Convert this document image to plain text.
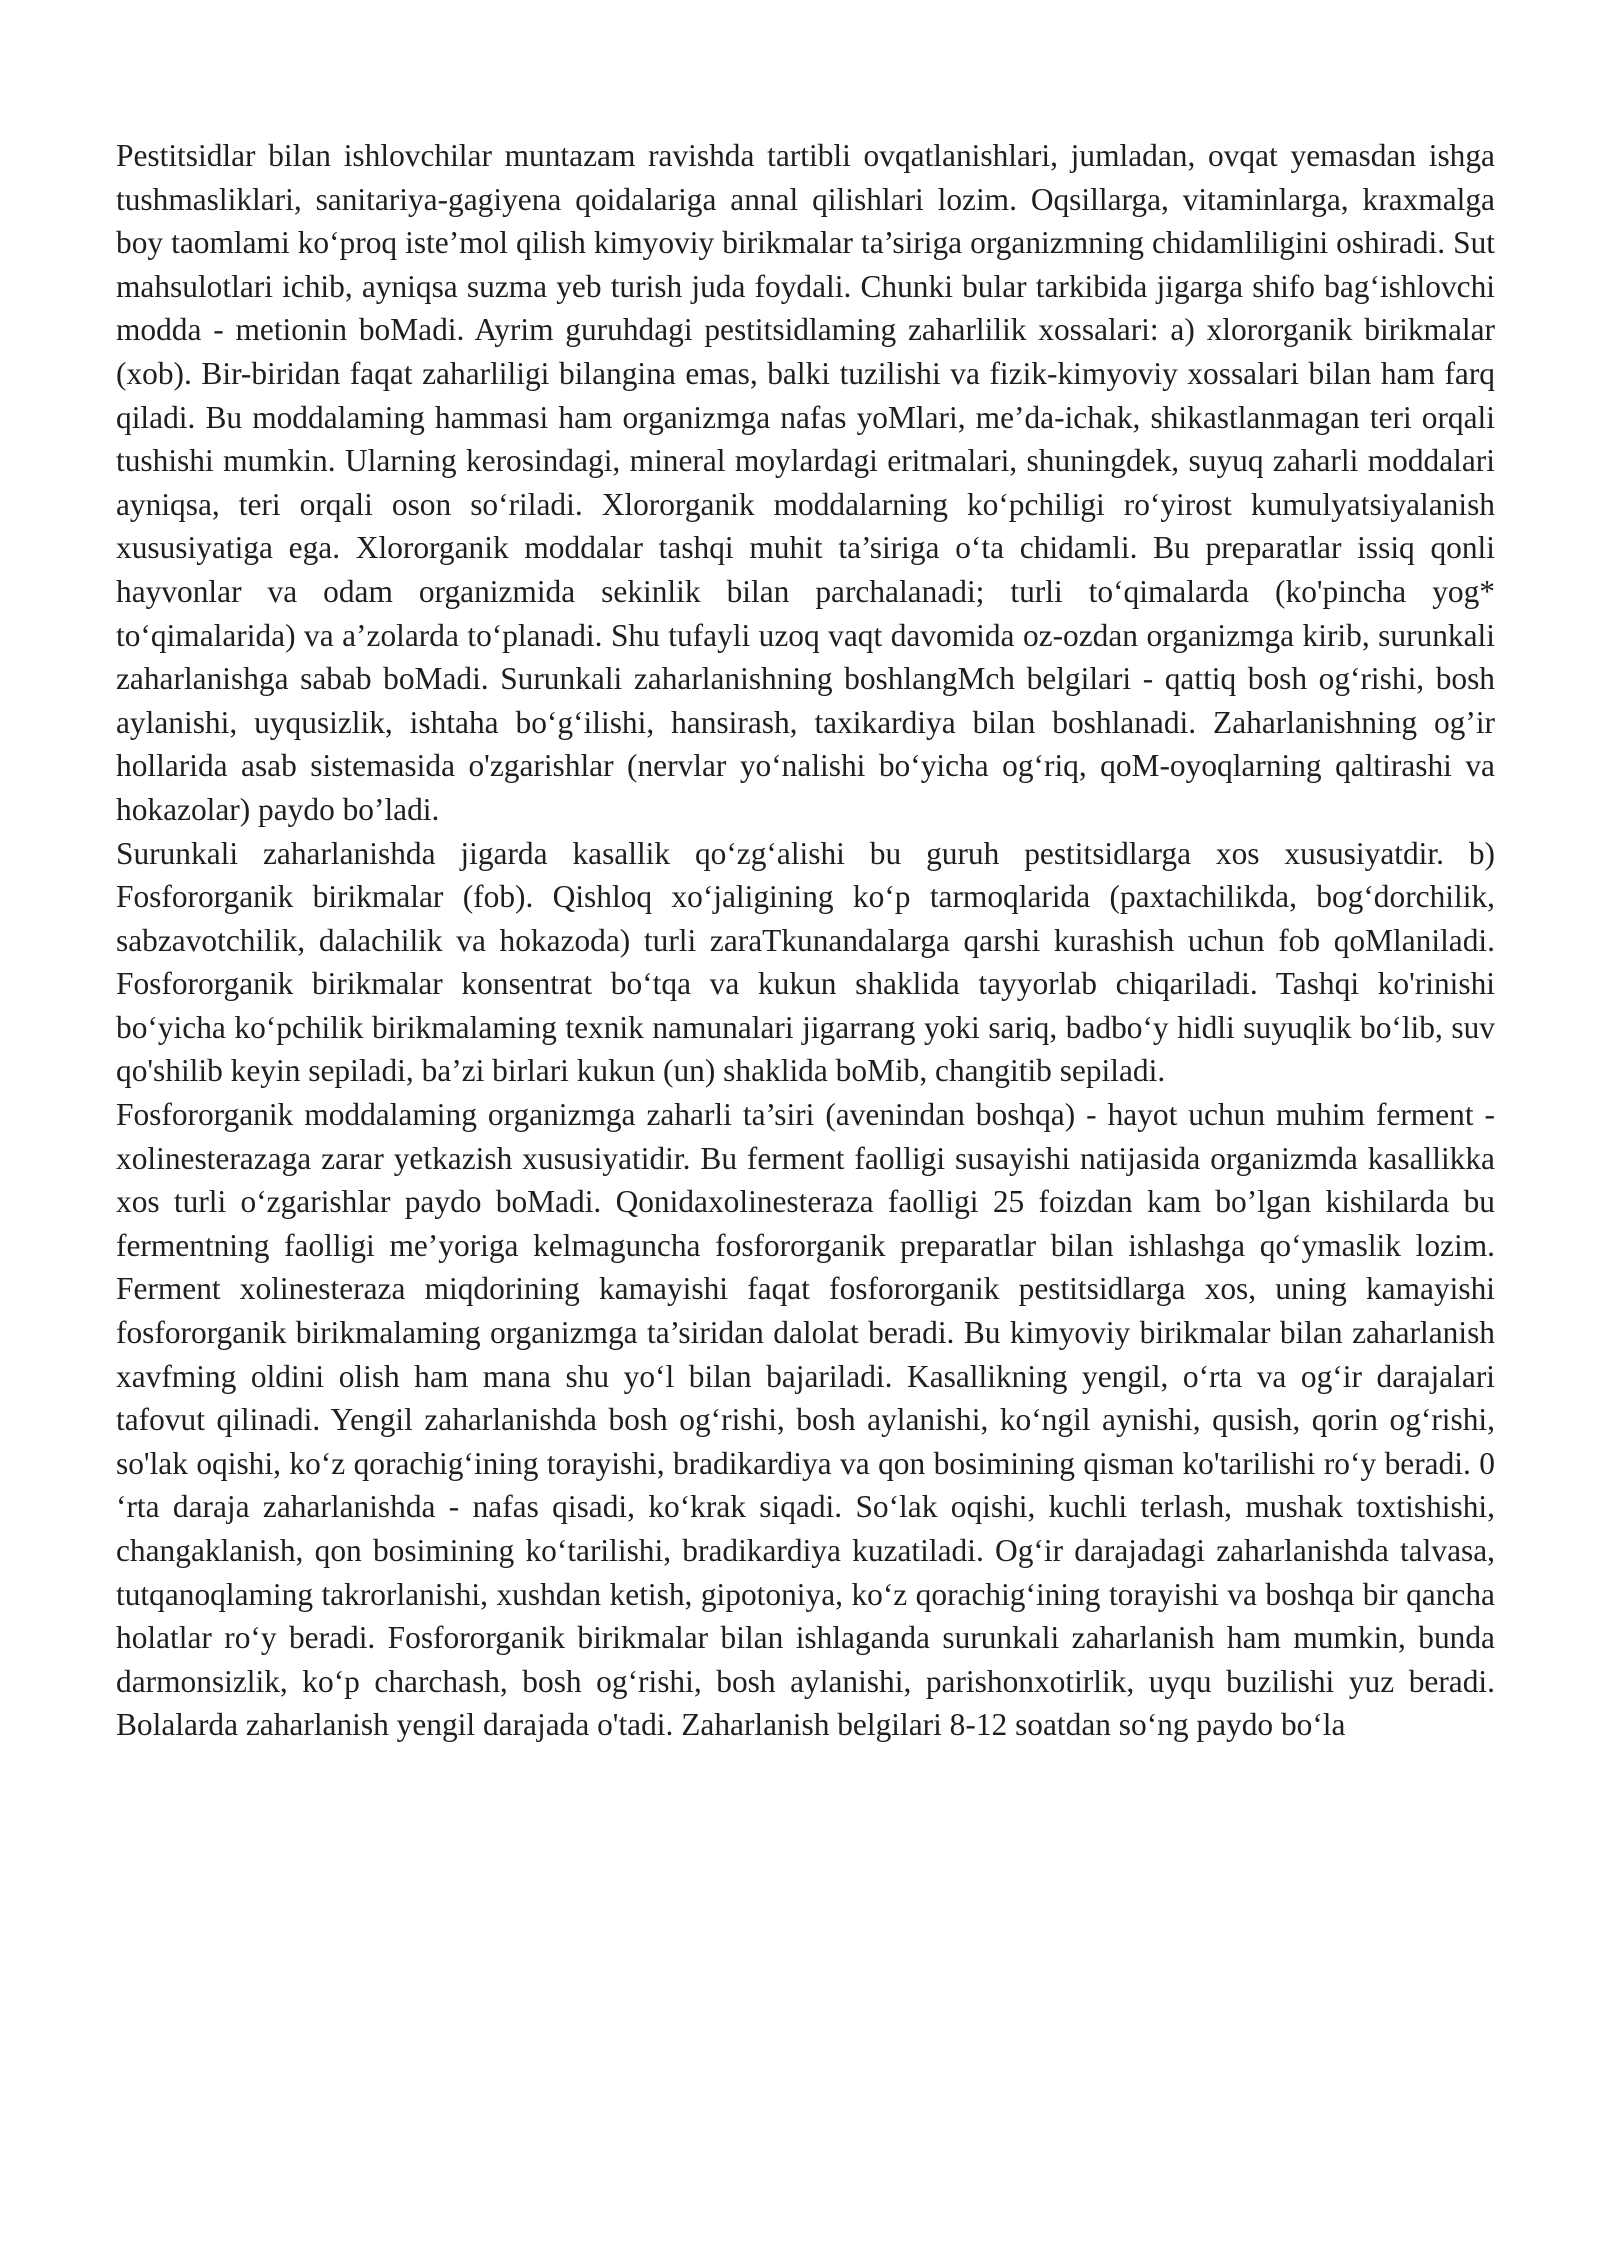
Pestitsidlar bilan ishlovchilar muntazam ravishda tartibli ovqatlanishlari, jumladan, ovqat yemasdan ishga tushmasliklari, sanitariya-gagiyena qoidalariga annal qilishlari lozim. Oqsillarga, vitaminlarga, kraxmalga boy taomlami ko‘proq iste’mol qilish kimyoviy birikmalar ta’siriga organizmning chidamliligini oshiradi. Sut mahsulotlari ichib, ayniqsa suzma yeb turish juda foydali. Chunki bular tarkibida jigarga shifo bag‘ishlovchi modda - metionin boMadi. Ayrim guruhdagi pestitsidlaming zaharlilik xossalari: a) xlororganik birikmalar (xob). Bir-biridan faqat zaharliligi bilangina emas, balki tuzilishi va fizik-kimyoviy xossalari bilan ham farq qiladi. Bu moddalaming hammasi ham organizmga nafas yoMlari, me’da-ichak, shikastlanmagan teri orqali tushishi mumkin. Ularning kerosindagi, mineral moylardagi eritmalari, shuningdek, suyuq zaharli moddalari ayniqsa, teri orqali oson so‘riladi. Xlororganik moddalarning ko‘pchiligi ro‘yirost kumulyatsiyalanish xususiyatiga ega. Xlororganik moddalar tashqi muhit ta’siriga o‘ta chidamli. Bu preparatlar issiq qonli hayvonlar va odam organizmida sekinlik bilan parchalanadi; turli to‘qimalarda (ko'pincha yog* to‘qimalarida) va a’zolarda to‘planadi. Shu tufayli uzoq vaqt davomida oz-ozdan organizmga kirib, surunkali zaharlanishga sabab boMadi. Surunkali zaharlanishning boshlangMch belgilari - qattiq bosh og‘rishi, bosh aylanishi, uyqusizlik, ishtaha bo‘g‘ilishi, hansirash, taxikardiya bilan boshlanadi. Zaharlanishning og’ir hollarida asab sistemasida o'zgarishlar (nervlar yo‘nalishi bo‘yicha og‘riq, qoM-oyoqlarning qaltirashi va hokazolar) paydo bo’ladi.

Surunkali zaharlanishda jigarda kasallik qo‘zg‘alishi bu guruh pestitsidlarga xos xususiyatdir. b) Fosfororganik birikmalar (fob). Qishloq xo‘jaligining ko‘p tarmoqlarida (paxtachilikda, bog‘dorchilik, sabzavotchilik, dalachilik va hokazoda) turli zaraTkunandalarga qarshi kurashish uchun fob qoMlaniladi. Fosfororganik birikmalar konsentrat bo‘tqa va kukun shaklida tayyorlab chiqariladi. Tashqi ko'rinishi bo‘yicha ko‘pchilik birikmalaming texnik namunalari jigarrang yoki sariq, badbo‘y hidli suyuqlik bo‘lib, suv qo'shilib keyin sepiladi, ba’zi birlari kukun (un) shaklida boMib, changitib sepiladi.

Fosfororganik moddalaming organizmga zaharli ta’siri (avenindan boshqa) - hayot uchun muhim ferment - xolinesterazaga zarar yetkazish xususiyatidir. Bu ferment faolligi susayishi natijasida organizmda kasallikka xos turli o‘zgarishlar paydo boMadi. Qonidaxolinesteraza faolligi 25 foizdan kam bo’lgan kishilarda bu fermentning faolligi me’yoriga kelmaguncha fosfororganik preparatlar bilan ishlashga qo‘ymaslik lozim. Ferment xolinesteraza miqdorining kamayishi faqat fosfororganik pestitsidlarga xos, uning kamayishi fosfororganik birikmalaming organizmga ta’siridan dalolat beradi. Bu kimyoviy birikmalar bilan zaharlanish xavfming oldini olish ham mana shu yo‘l bilan bajariladi. Kasallikning yengil, o‘rta va og‘ir darajalari tafovut qilinadi. Yengil zaharlanishda bosh og‘rishi, bosh aylanishi, ko‘ngil aynishi, qusish, qorin og‘rishi, so'lak oqishi, ko‘z qorachig‘ining torayishi, bradikardiya va qon bosimining qisman ko'tarilishi ro‘y beradi. 0 ‘rta daraja zaharlanishda - nafas qisadi, ko‘krak siqadi. So‘lak oqishi, kuchli terlash, mushak toxtishishi, changaklanish, qon bosimining ko‘tarilishi, bradikardiya kuzatiladi. Og‘ir darajadagi zaharlanishda talvasa, tutqanoqlaming takrorlanishi, xushdan ketish, gipotoniya, ko‘z qorachig‘ining torayishi va boshqa bir qancha holatlar ro‘y beradi. Fosfororganik birikmalar bilan ishlaganda surunkali zaharlanish ham mumkin, bunda darmonsizlik, ko‘p charchash, bosh og‘rishi, bosh aylanishi, parishonxotirlik, uyqu buzilishi yuz beradi. Bolalarda zaharlanish yengil darajada o'tadi. Zaharlanish belgilari 8-12 soatdan so‘ng paydo bo‘la
